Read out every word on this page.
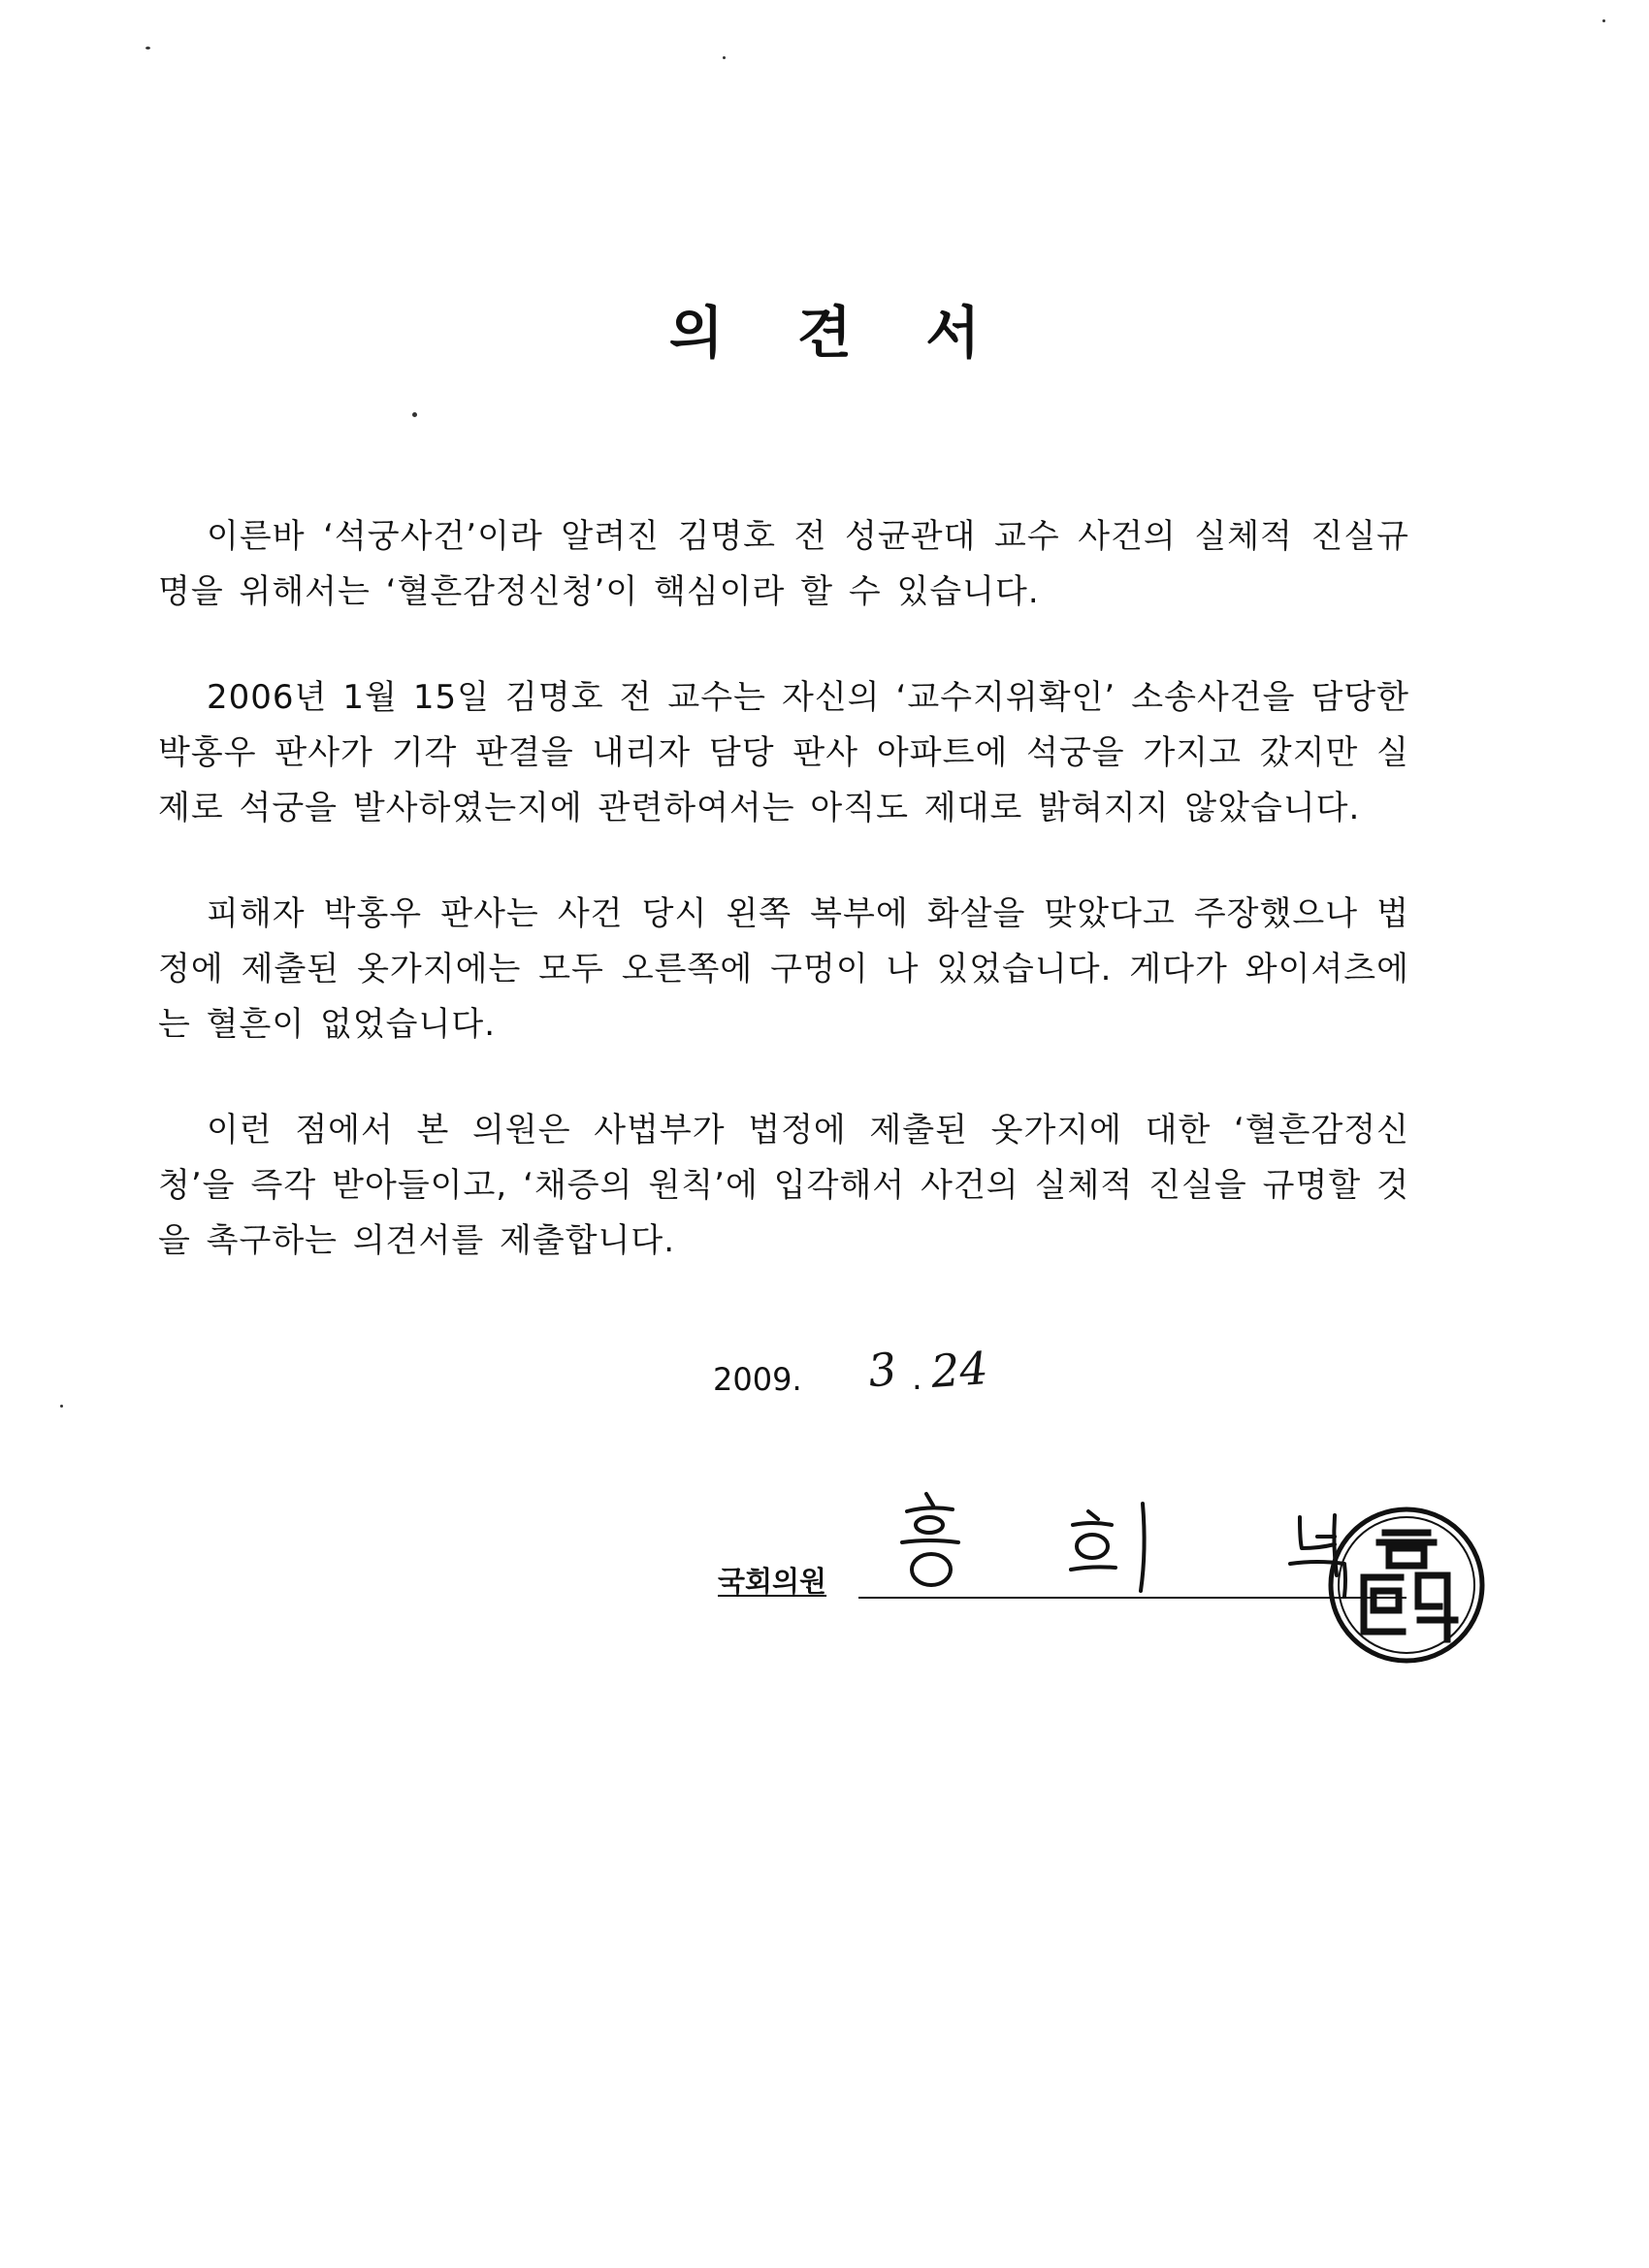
의 견 서

이른바 ‘석궁사건’이라 알려진 김명호 전 성균관대 교수 사건의 실체적 진실규명을 위해서는 ‘혈흔감정신청’이 핵심이라 할 수 있습니다.

2006년 1월 15일 김명호 전 교수는 자신의 ‘교수지위확인’ 소송사건을 담당한 박홍우 판사가 기각 판결을 내리자 담당 판사 아파트에 석궁을 가지고 갔지만 실제로 석궁을 발사하였는지에 관련하여서는 아직도 제대로 밝혀지지 않았습니다.

피해자 박홍우 판사는 사건 당시 왼쪽 복부에 화살을 맞았다고 주장했으나 법정에 제출된 옷가지에는 모두 오른쪽에 구멍이 나 있었습니다. 게다가 와이셔츠에는 혈흔이 없었습니다.

이런 점에서 본 의원은 사법부가 법정에 제출된 옷가지에 대한 ‘혈흔감정신청’을 즉각 받아들이고, ‘채증의 원칙’에 입각해서 사건의 실체적 진실을 규명할 것을 촉구하는 의견서를 제출합니다.

2009. 3 . 24
국회의원
